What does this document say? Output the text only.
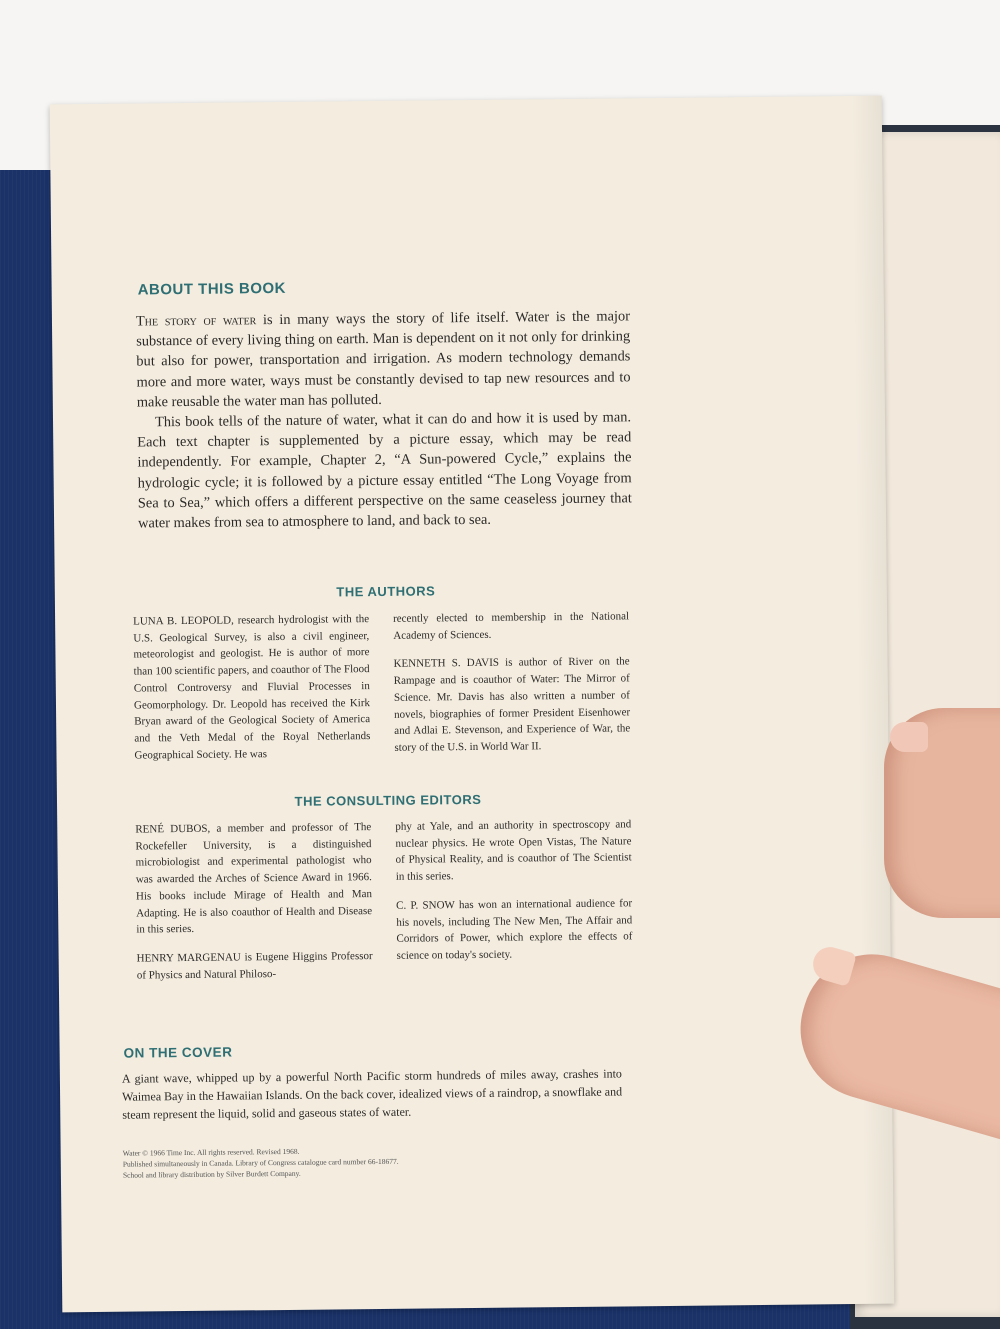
ABOUT THIS BOOK

The story of water is in many ways the story of life itself. Water is the major substance of every living thing on earth. Man is dependent on it not only for drinking but also for power, transportation and irrigation. As modern technology demands more and more water, ways must be constantly devised to tap new resources and to make reusable the water man has polluted.

This book tells of the nature of water, what it can do and how it is used by man. Each text chapter is supplemented by a picture essay, which may be read independently. For example, Chapter 2, “A Sun-powered Cycle,” explains the hydrologic cycle; it is followed by a picture essay entitled “The Long Voyage from Sea to Sea,” which offers a different perspective on the same ceaseless journey that water makes from sea to atmosphere to land, and back to sea.

THE AUTHORS

LUNA B. LEOPOLD, research hydrologist with the U.S. Geological Survey, is also a civil engineer, meteorologist and geologist. He is author of more than 100 scientific papers, and coauthor of The Flood Control Controversy and Fluvial Processes in Geomorphology. Dr. Leopold has received the Kirk Bryan award of the Geological Society of America and the Veth Medal of the Royal Netherlands Geographical Society. He was

recently elected to membership in the National Academy of Sciences.

KENNETH S. DAVIS is author of River on the Rampage and is coauthor of Water: The Mirror of Science. Mr. Davis has also written a number of novels, biographies of former President Eisenhower and Adlai E. Stevenson, and Experience of War, the story of the U.S. in World War II.

THE CONSULTING EDITORS

RENÉ DUBOS, a member and professor of The Rockefeller University, is a distinguished microbiologist and experimental pathologist who was awarded the Arches of Science Award in 1966. His books include Mirage of Health and Man Adapting. He is also coauthor of Health and Disease in this series.

HENRY MARGENAU is Eugene Higgins Professor of Physics and Natural Philoso-

phy at Yale, and an authority in spectroscopy and nuclear physics. He wrote Open Vistas, The Nature of Physical Reality, and is coauthor of The Scientist in this series.

C. P. SNOW has won an international audience for his novels, including The New Men, The Affair and Corridors of Power, which explore the effects of science on today's society.

ON THE COVER
A giant wave, whipped up by a powerful North Pacific storm hundreds of miles away, crashes into Waimea Bay in the Hawaiian Islands. On the back cover, idealized views of a raindrop, a snowflake and steam represent the liquid, solid and gaseous states of water.
Water © 1966 Time Inc. All rights reserved. Revised 1968.
Published simultaneously in Canada. Library of Congress catalogue card number 66-18677.
School and library distribution by Silver Burdett Company.
